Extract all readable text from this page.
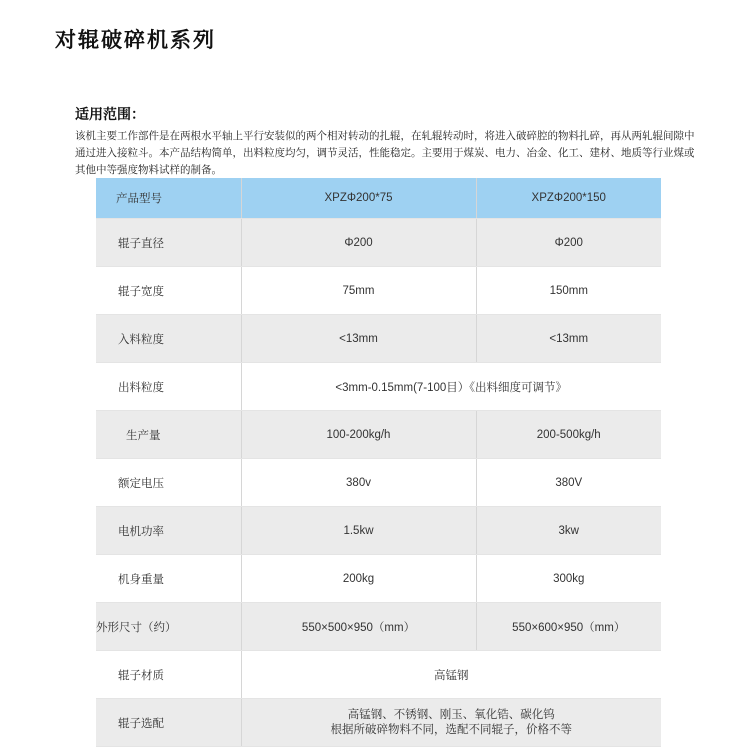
对辊破碎机系列
适用范围：
该机主要工作部件是在两根水平轴上平行安装似的两个相对转动的扎辊，在轧辊转动时，将进入破碎腔的物料扎碎，再从两轧辊间隙中通过进入接粒斗。本产品结构简单，出料粒度均匀，调节灵活，性能稳定。主要用于煤炭、电力、冶金、化工、建材、地质等行业煤或其他中等强度物料试样的制备。
产品型号	XPZΦ200*75	XPZΦ200*150
辊子直径	Φ200	Φ200
辊子宽度	75mm	150mm
入料粒度	<13mm	<13mm
出料粒度	<3mm-0.15mm(7-100目）《出料细度可调节》	
生产量	100-200kg/h	200-500kg/h
额定电压	380v	380V
电机功率	1.5kw	3kw
机身重量	200kg	300kg
外形尺寸（约）	550×500×950（mm）	550×600×950（mm）
辊子材质	高锰钢	
辊子选配	高锰钢、不锈钢、刚玉、氧化锆、碳化钨
根据所破碎物料不同，选配不同辊子，价格不等	
